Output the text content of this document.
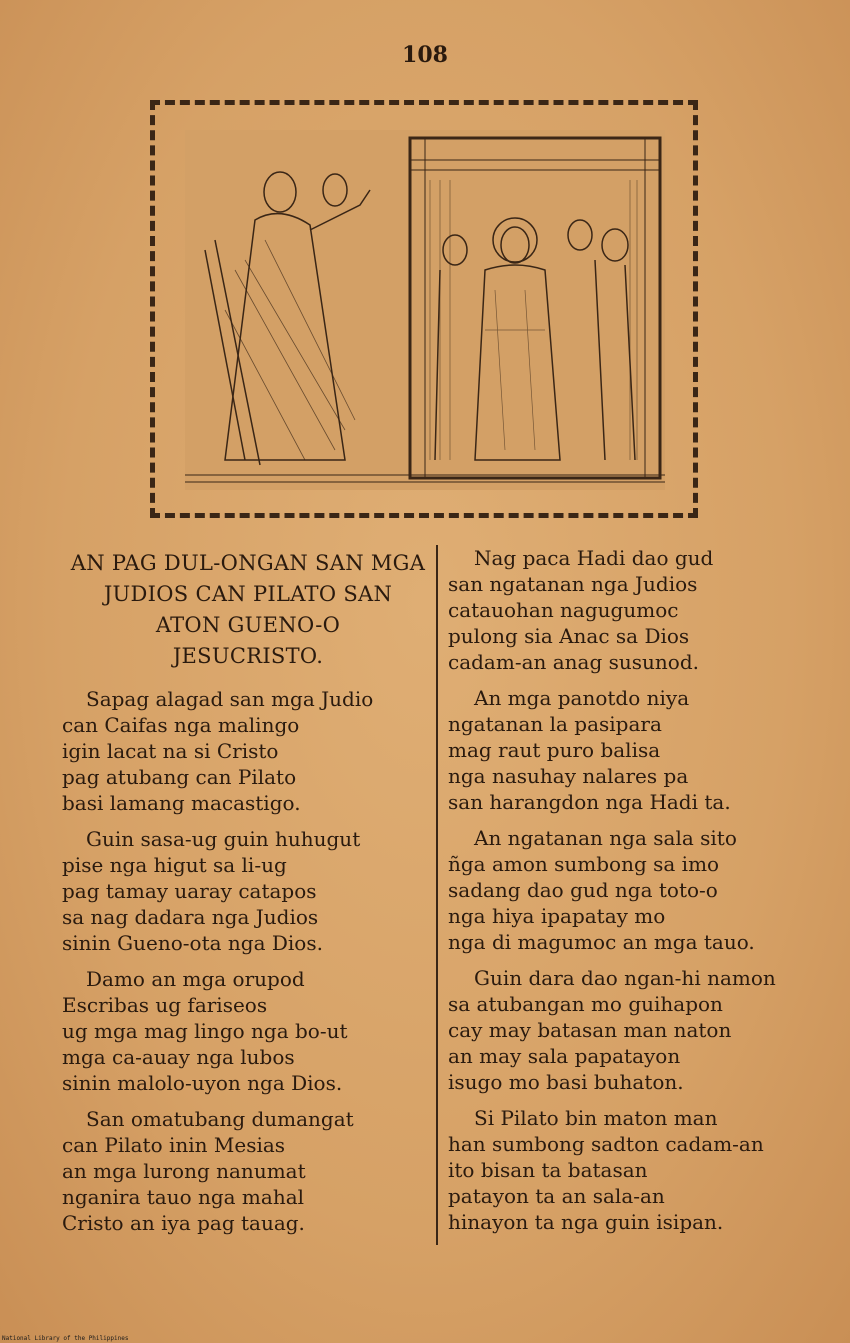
108
AN PAG DUL-ONGAN SAN MGA
JUDIOS CAN PILATO SAN
ATON GUENO-O
JESUCRISTO.
Sapag alagad san mga Judio
can Caifas nga malingo
igin lacat na si Cristo
pag atubang can Pilato
basi lamang macastigo.
Guin sasa-ug guin huhugut
pise nga higut sa li-ug
pag tamay uaray catapos
sa nag dadara nga Judios
sinin Gueno-ota nga Dios.
Damo an mga orupod
Escribas ug fariseos
ug mga mag lingo nga bo-ut
mga ca-auay nga lubos
sinin malolo-uyon nga Dios.
San omatubang dumangat
can Pilato inin Mesias
an mga lurong nanumat
nganira tauo nga mahal
Cristo an iya pag tauag.
Nag paca Hadi dao gud
san ngatanan nga Judios
catauohan nagugumoc
pulong sia Anac sa Dios
cadam-an anag susunod.
An mga panotdo niya
ngatanan la pasipara
mag raut puro balisa
nga nasuhay nalares pa
san harangdon nga Hadi ta.
An ngatanan nga sala sito
ñga amon sumbong sa imo
sadang dao gud nga toto-o
nga hiya ipapatay mo
nga di magumoc an mga tauo.
Guin dara dao ngan-hi namon
sa atubangan mo guihapon
cay may batasan man naton
an may sala papatayon
isugo mo basi buhaton.
Si Pilato bin maton man
han sumbong sadton cadam-an
ito bisan ta batasan
patayon ta an sala-an
hinayon ta nga guin isipan.
National Library of the Philippines
